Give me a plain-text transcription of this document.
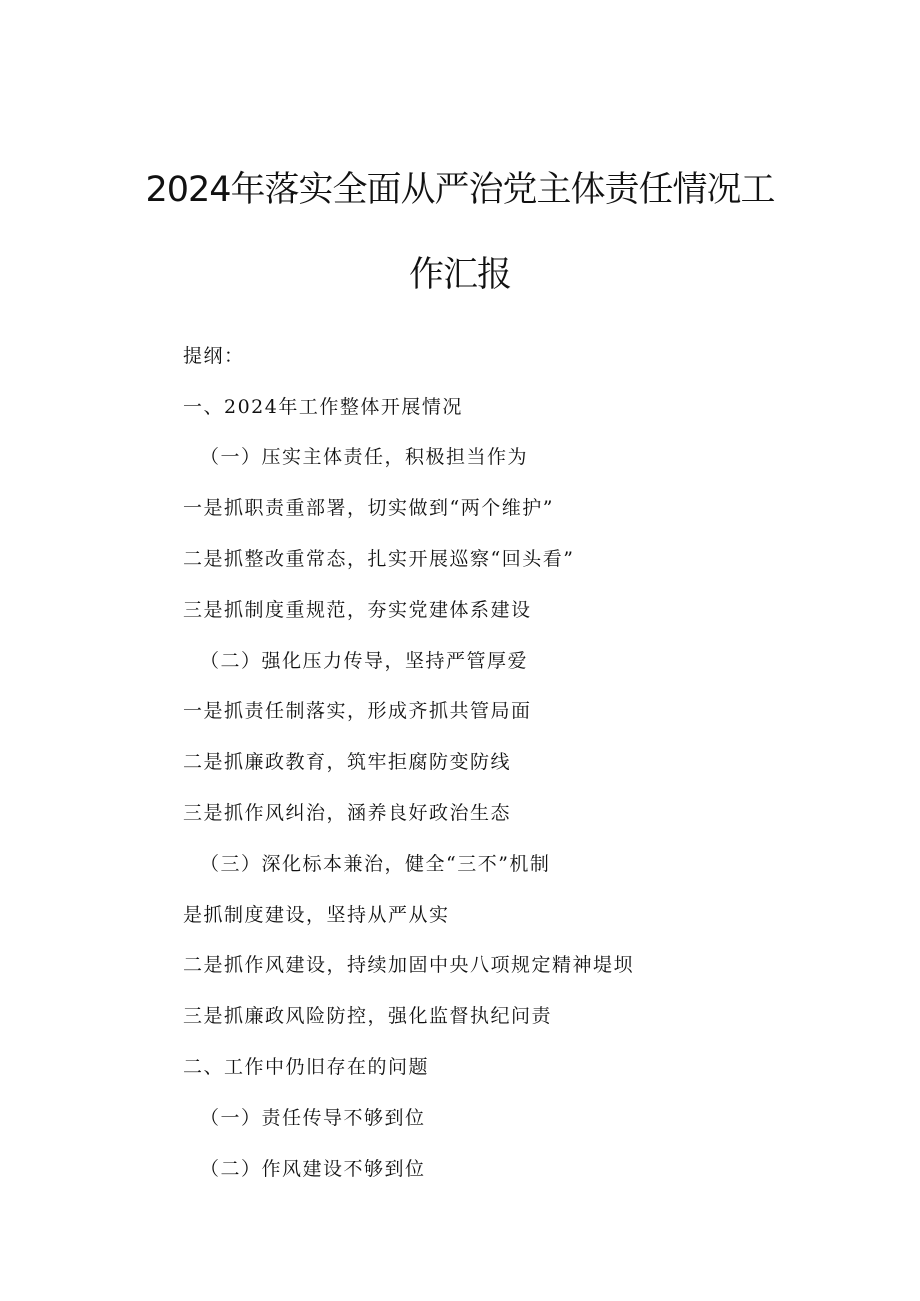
2024年落实全面从严治党主体责任情况工
作汇报
提纲：
一、2024年工作整体开展情况
（一）压实主体责任，积极担当作为
一是抓职责重部署，切实做到“两个维护”
二是抓整改重常态，扎实开展巡察“回头看”
三是抓制度重规范，夯实党建体系建设
（二）强化压力传导，坚持严管厚爱
一是抓责任制落实，形成齐抓共管局面
二是抓廉政教育，筑牢拒腐防变防线
三是抓作风纠治，涵养良好政治生态
（三）深化标本兼治，健全“三不”机制
是抓制度建设，坚持从严从实
二是抓作风建设，持续加固中央八项规定精神堤坝
三是抓廉政风险防控，强化监督执纪问责
二、工作中仍旧存在的问题
（一）责任传导不够到位
（二）作风建设不够到位
